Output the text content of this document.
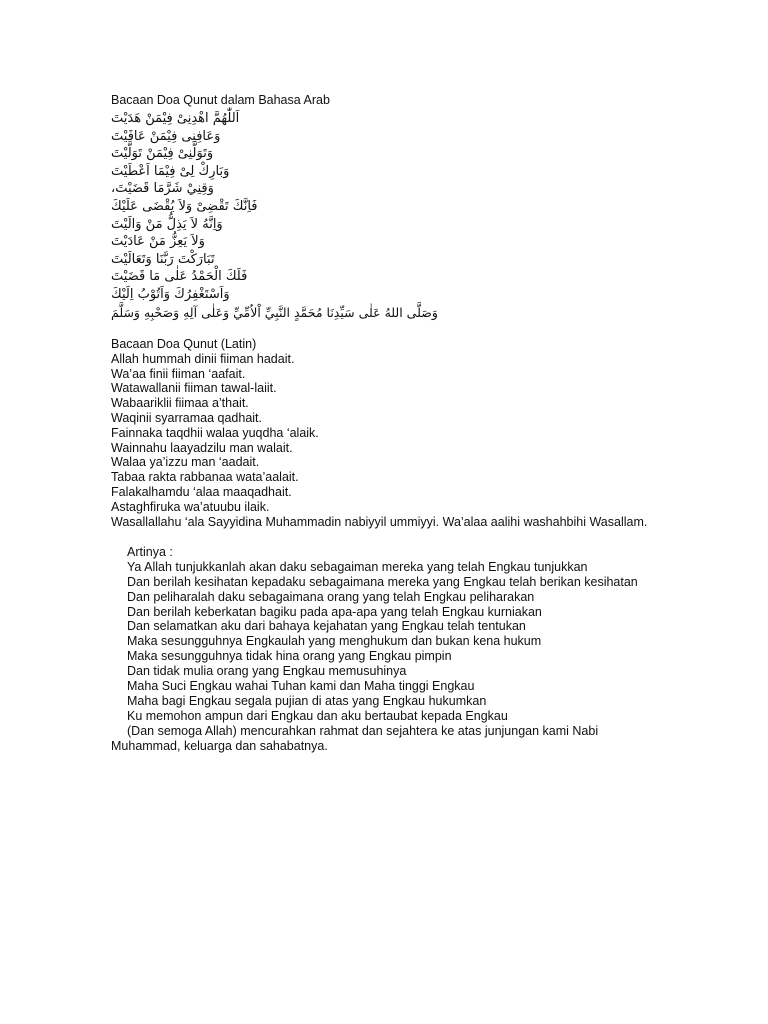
Bacaan Doa Qunut dalam Bahasa Arab
اَللّٰهُمَّ اهْدِنِىْ فِيْمَنْ هَدَيْتَ
وَعَافِنِى فِيْمَنْ عَافَيْتَ
وَتَوَلَّنِىْ فِيْمَنْ تَوَلَّيْتَ
وَبَارِكْ لِىْ فِيْمَا اَعْطَيْتَ
وَقِنِيْ شَرَّمَا قَضَيْتَ،
فَاِنَّكَ تَقْضِىْ وَلاَ يُقْضَى عَلَيْكَ
وَاِنَّهُ لاَ يَذِلُّ مَنْ وَالَيْتَ
وَلاَ يَعِزُّ مَنْ عَادَيْتَ
تَبَارَكْتَ رَبَّنَا وَتَعَالَيْتَ
فَلَكَ الْحَمْدُ عَلٰى مَا قَضَيْتَ
وَاَسْتَغْفِرُكَ وَاَتُوْبُ اِلَيْكَ
وَصَلَّى اللهُ عَلٰى سَيِّدِنَا مُحَمَّدٍ النَّبِيِّ اْلاُمِّيِّ وَعَلٰى آلِهِ وَصَحْبِهِ وَسَلَّمَ
Bacaan Doa Qunut (Latin)
Allah hummah dinii fiiman hadait.
Wa’aa finii fiiman ‘aafait.
Watawallanii fiiman tawal-laiit.
Wabaariklii fiimaa a’thait.
Waqinii syarramaa qadhait.
Fainnaka taqdhii walaa yuqdha ‘alaik.
Wainnahu laayadzilu man walait.
Walaa ya’izzu man ‘aadait.
Tabaa rakta rabbanaa wata’aalait.
Falakalhamdu ‘alaa maaqadhait.
Astaghfiruka wa’atuubu ilaik.
Wasallallahu ‘ala Sayyidina Muhammadin nabiyyil ummiyyi. Wa’alaa aalihi washahbihi Wasallam.
Artinya :
Ya Allah tunjukkanlah akan daku sebagaiman mereka yang telah Engkau tunjukkan
Dan berilah kesihatan kepadaku sebagaimana mereka yang Engkau telah berikan kesihatan
Dan peliharalah daku sebagaimana orang yang telah Engkau peliharakan
Dan berilah keberkatan bagiku pada apa-apa yang telah Engkau kurniakan
Dan selamatkan aku dari bahaya kejahatan yang Engkau telah tentukan
Maka sesungguhnya Engkaulah yang menghukum dan bukan kena hukum
Maka sesungguhnya tidak hina orang yang Engkau pimpin
Dan tidak mulia orang yang Engkau memusuhinya
Maha Suci Engkau wahai Tuhan kami dan Maha tinggi Engkau
Maha bagi Engkau segala pujian di atas yang Engkau hukumkan
Ku memohon ampun dari Engkau dan aku bertaubat kepada Engkau
(Dan semoga Allah) mencurahkan rahmat dan sejahtera ke atas junjungan kami Nabi
Muhammad, keluarga dan sahabatnya.
